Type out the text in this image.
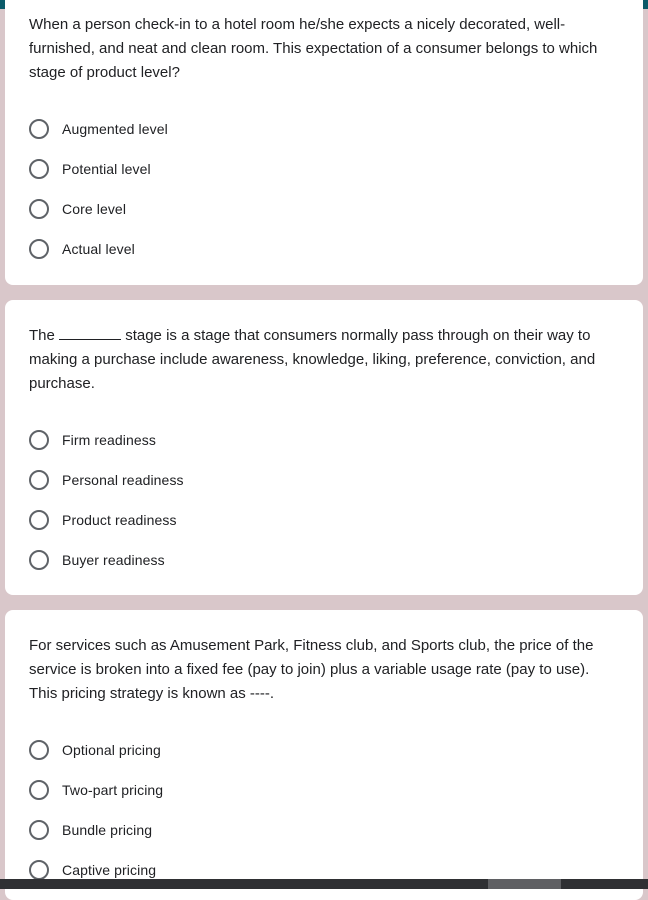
When a person check-in to a hotel room he/she expects a nicely decorated, well-furnished, and neat and clean room. This expectation of a consumer belongs to which stage of product level?

Augmented level
Potential level
Core level
Actual level

The	stage is a stage that consumers normally pass through on their way to making a purchase include awareness, knowledge, liking, preference, conviction, and purchase.

Firm readiness
Personal readiness
Product readiness
Buyer readiness

For services such as Amusement Park, Fitness club, and Sports club, the price of the service is broken into a fixed fee (pay to join) plus a variable usage rate (pay to use). This pricing strategy is known as ----.

Optional pricing
Two-part pricing
Bundle pricing
Captive pricing
